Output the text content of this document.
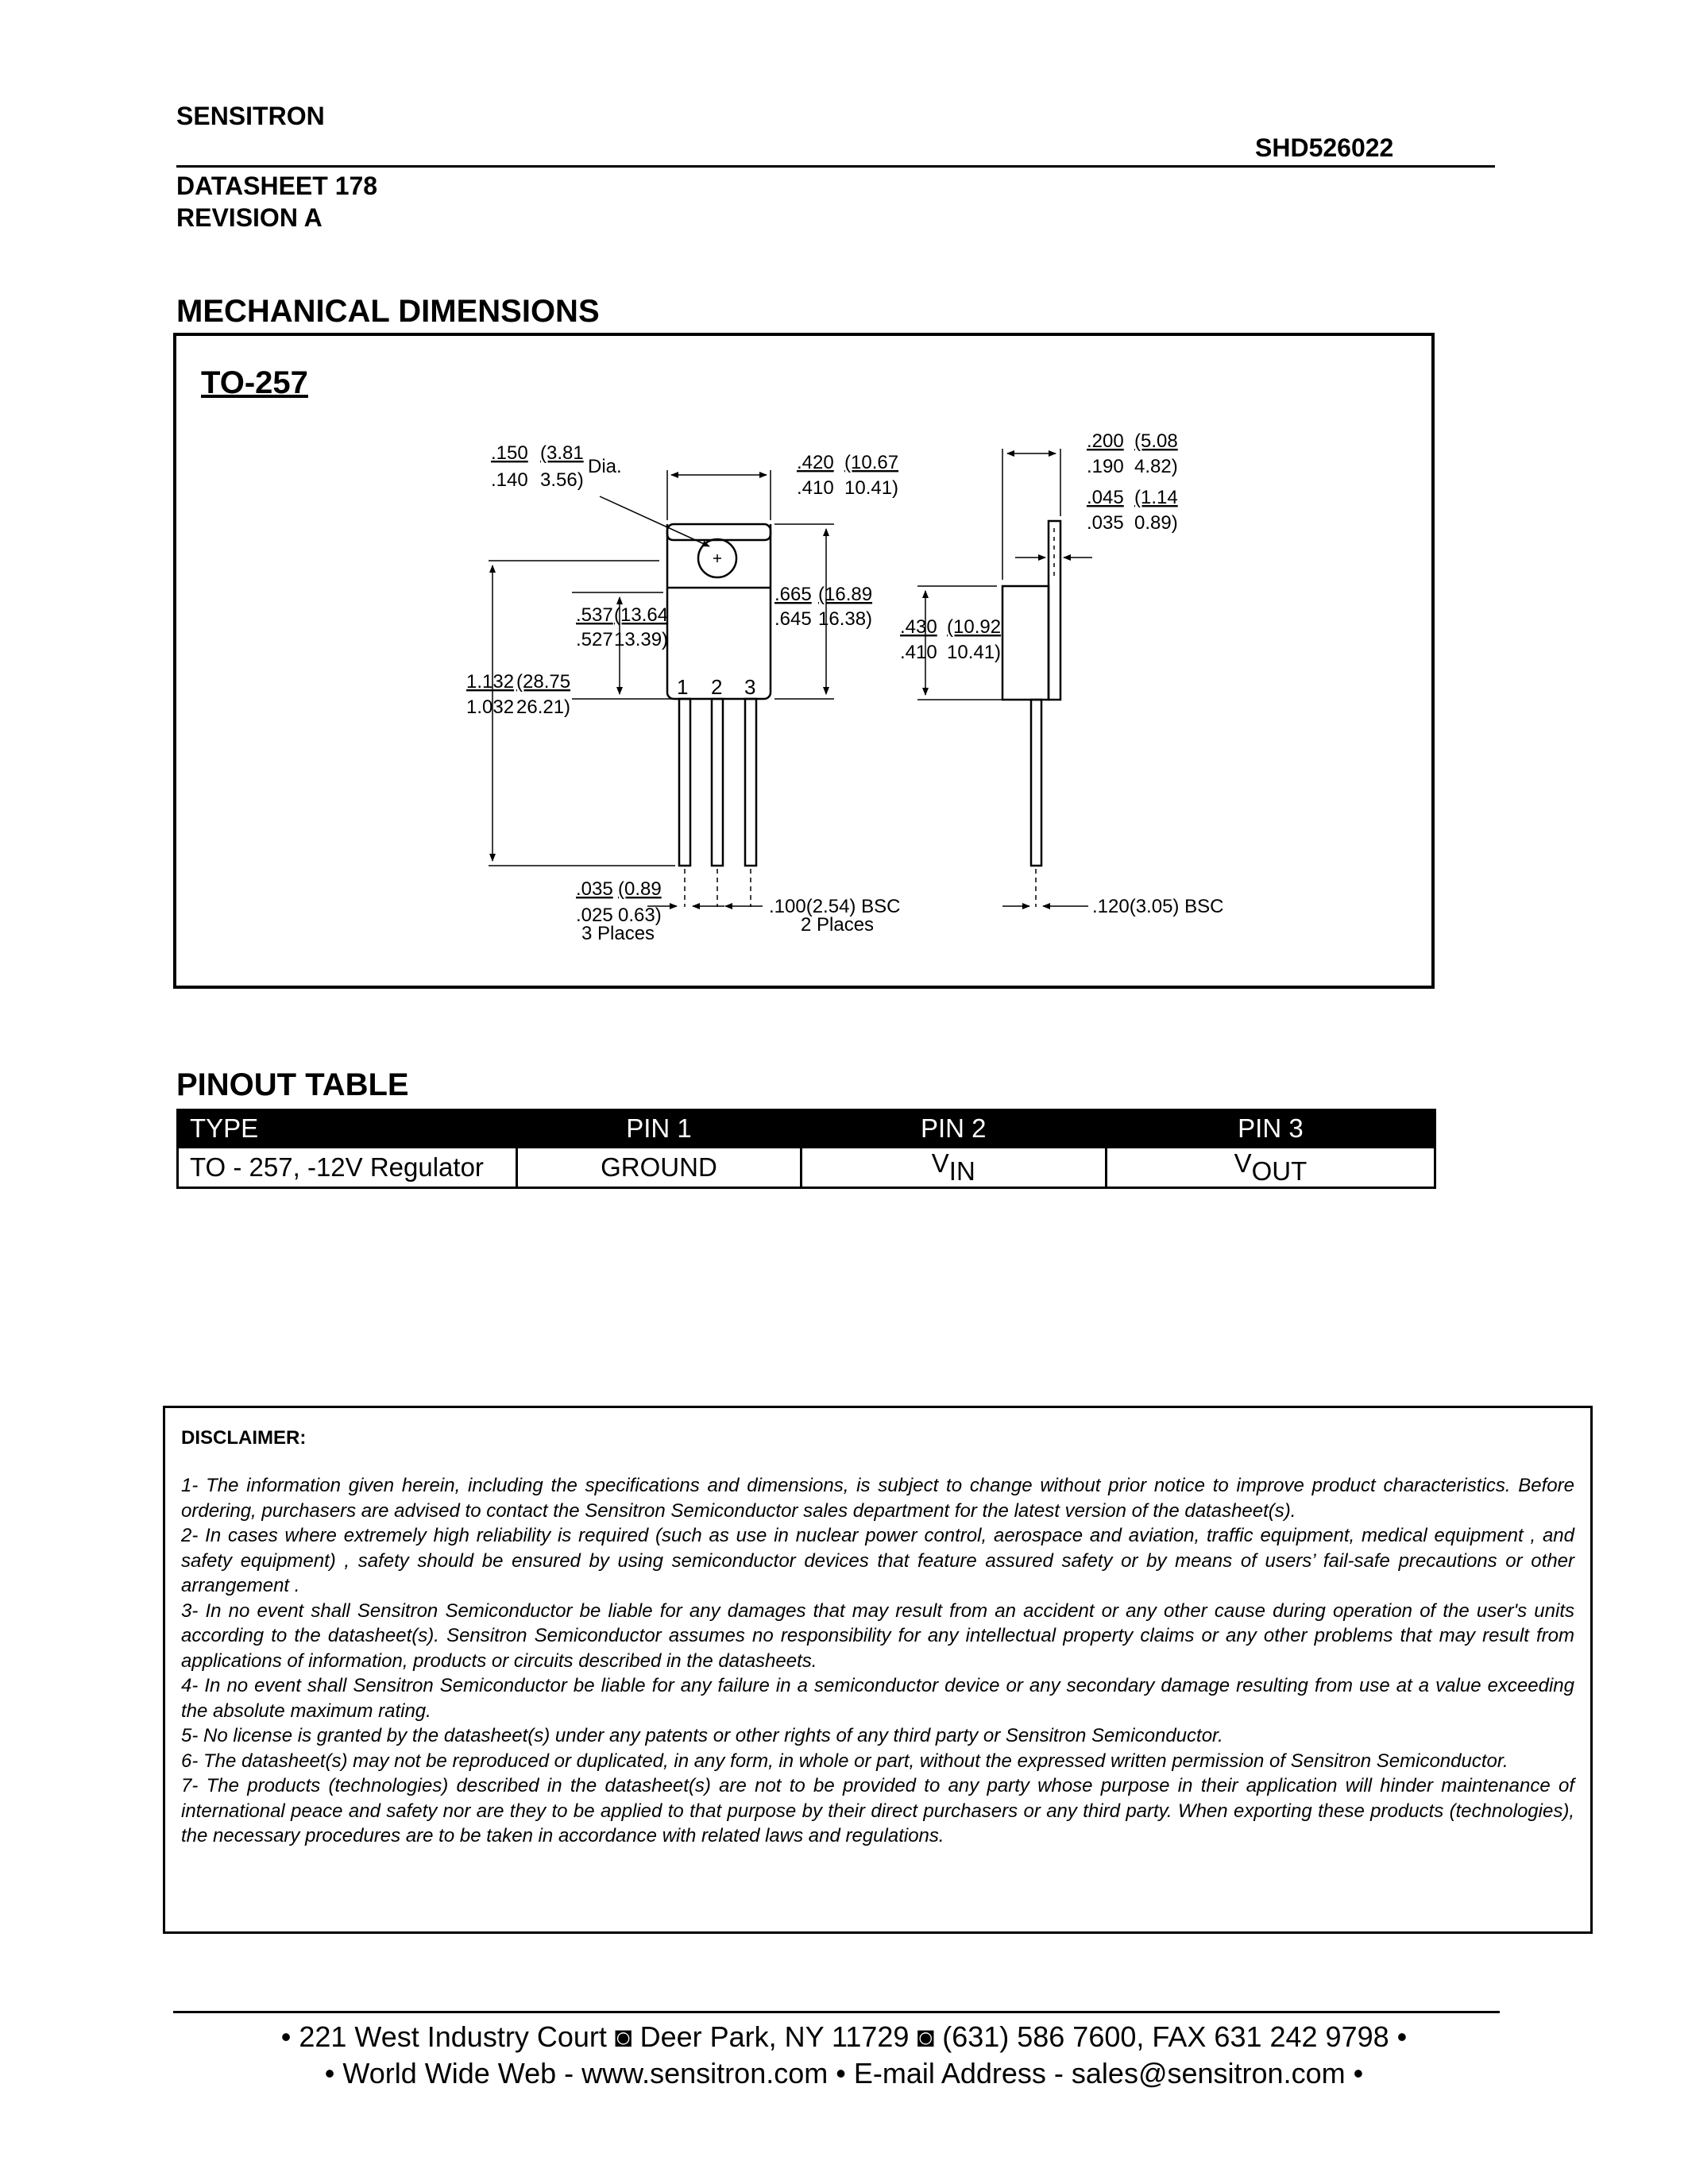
SENSITRON
SHD526022
DATASHEET 178
REVISION A
MECHANICAL DIMENSIONS
TO-257
.150 (3.81
Dia.
.140 3.56)
.420 (10.67
.410 10.41)
.537 (13.64
.527 13.39)
.665 (16.89
.645 16.38)
1.132 (28.75
1.032 26.21)
1 2 3
.035 (0.89
.025 0.63)
3 Places
.100(2.54) BSC
2 Places
.200 (5.08
.190 4.82)
.045 (1.14
.035 0.89)
.430 (10.92
.410 10.41)
.120(3.05) BSC
PINOUT TABLE
TYPE	PIN 1	PIN 2	PIN 3
TO - 257, -12V Regulator	GROUND	$V_{IN}$	$V_{OUT}$
DISCLAIMER:

1- The information given herein, including the specifications and dimensions, is subject to change without prior notice to improve product characteristics. Before ordering, purchasers are advised to contact the Sensitron Semiconductor sales department for the latest version of the datasheet(s).

2- In cases where extremely high reliability is required (such as use in nuclear power control, aerospace and aviation, traffic equipment, medical equipment , and safety equipment) , safety should be ensured by using semiconductor devices that feature assured safety or by means of users’ fail-safe precautions or other arrangement .

3- In no event shall Sensitron Semiconductor be liable for any damages that may result from an accident or any other cause during operation of the user's units according to the datasheet(s). Sensitron Semiconductor assumes no responsibility for any intellectual property claims or any other problems that may result from applications of information, products or circuits described in the datasheets.

4- In no event shall Sensitron Semiconductor be liable for any failure in a semiconductor device or any secondary damage resulting from use at a value exceeding the absolute maximum rating.

5- No license is granted by the datasheet(s) under any patents or other rights of any third party or Sensitron Semiconductor.

6- The datasheet(s) may not be reproduced or duplicated, in any form, in whole or part, without the expressed written permission of Sensitron Semiconductor.

7- The products (technologies) described in the datasheet(s) are not to be provided to any party whose purpose in their application will hinder maintenance of international peace and safety nor are they to be applied to that purpose by their direct purchasers or any third party. When exporting these products (technologies), the necessary procedures are to be taken in accordance with related laws and regulations.

• 221 West Industry Court ◙ Deer Park, NY 11729 ◙ (631) 586 7600, FAX 631 242 9798 •
• World Wide Web - www.sensitron.com • E-mail Address - sales@sensitron.com •
